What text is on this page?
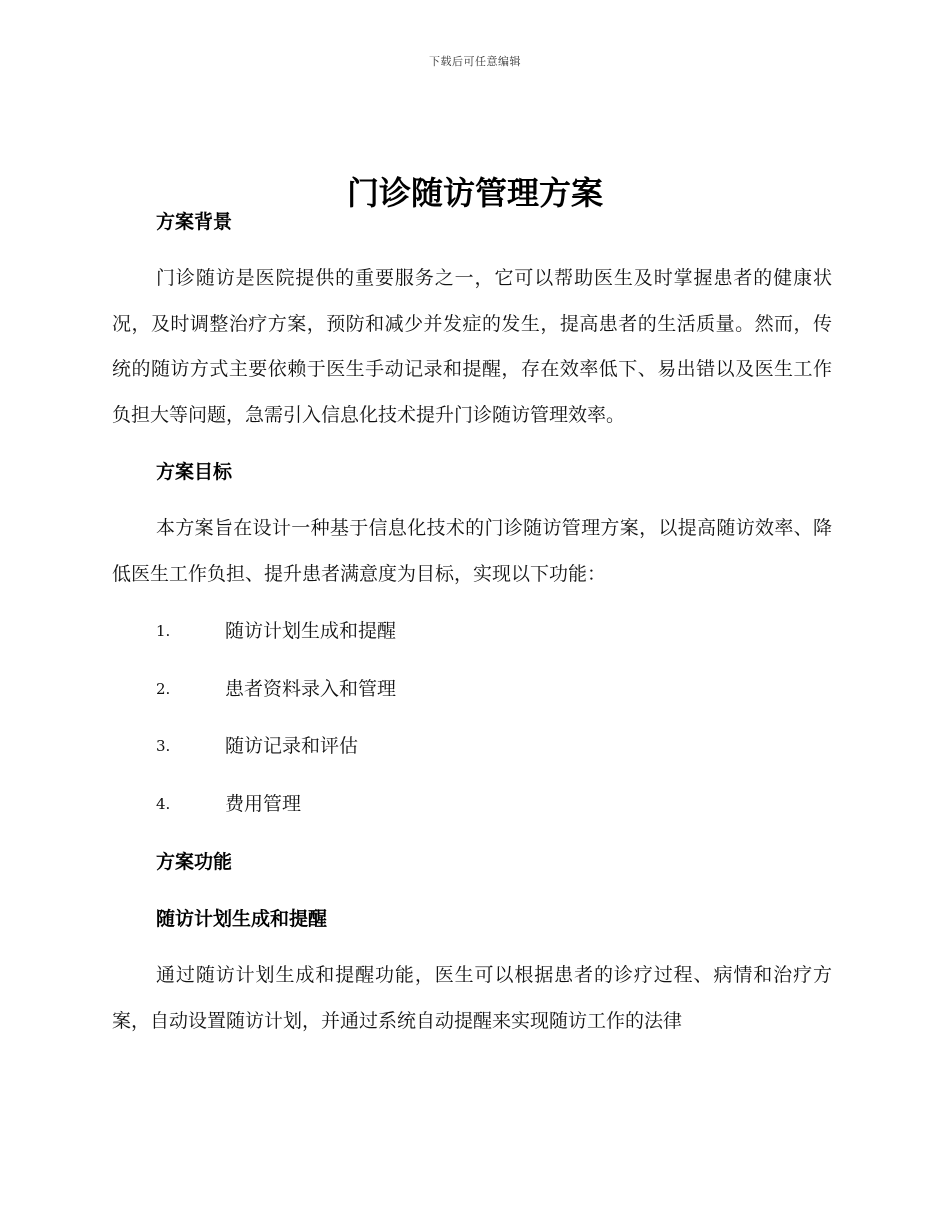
下载后可任意编辑
门诊随访管理方案

方案背景

门诊随访是医院提供的重要服务之一，它可以帮助医生及时掌握患者的健康状况，及时调整治疗方案，预防和减少并发症的发生，提高患者的生活质量。然而，传统的随访方式主要依赖于医生手动记录和提醒，存在效率低下、易出错以及医生工作负担大等问题，急需引入信息化技术提升门诊随访管理效率。

方案目标

本方案旨在设计一种基于信息化技术的门诊随访管理方案，以提高随访效率、降低医生工作负担、提升患者满意度为目标，实现以下功能：

1.	随访计划生成和提醒
2.	患者资料录入和管理
3.	随访记录和评估
4.	费用管理

方案功能

随访计划生成和提醒

通过随访计划生成和提醒功能，医生可以根据患者的诊疗过程、病情和治疗方案，自动设置随访计划，并通过系统自动提醒来实现随访工作的法律
